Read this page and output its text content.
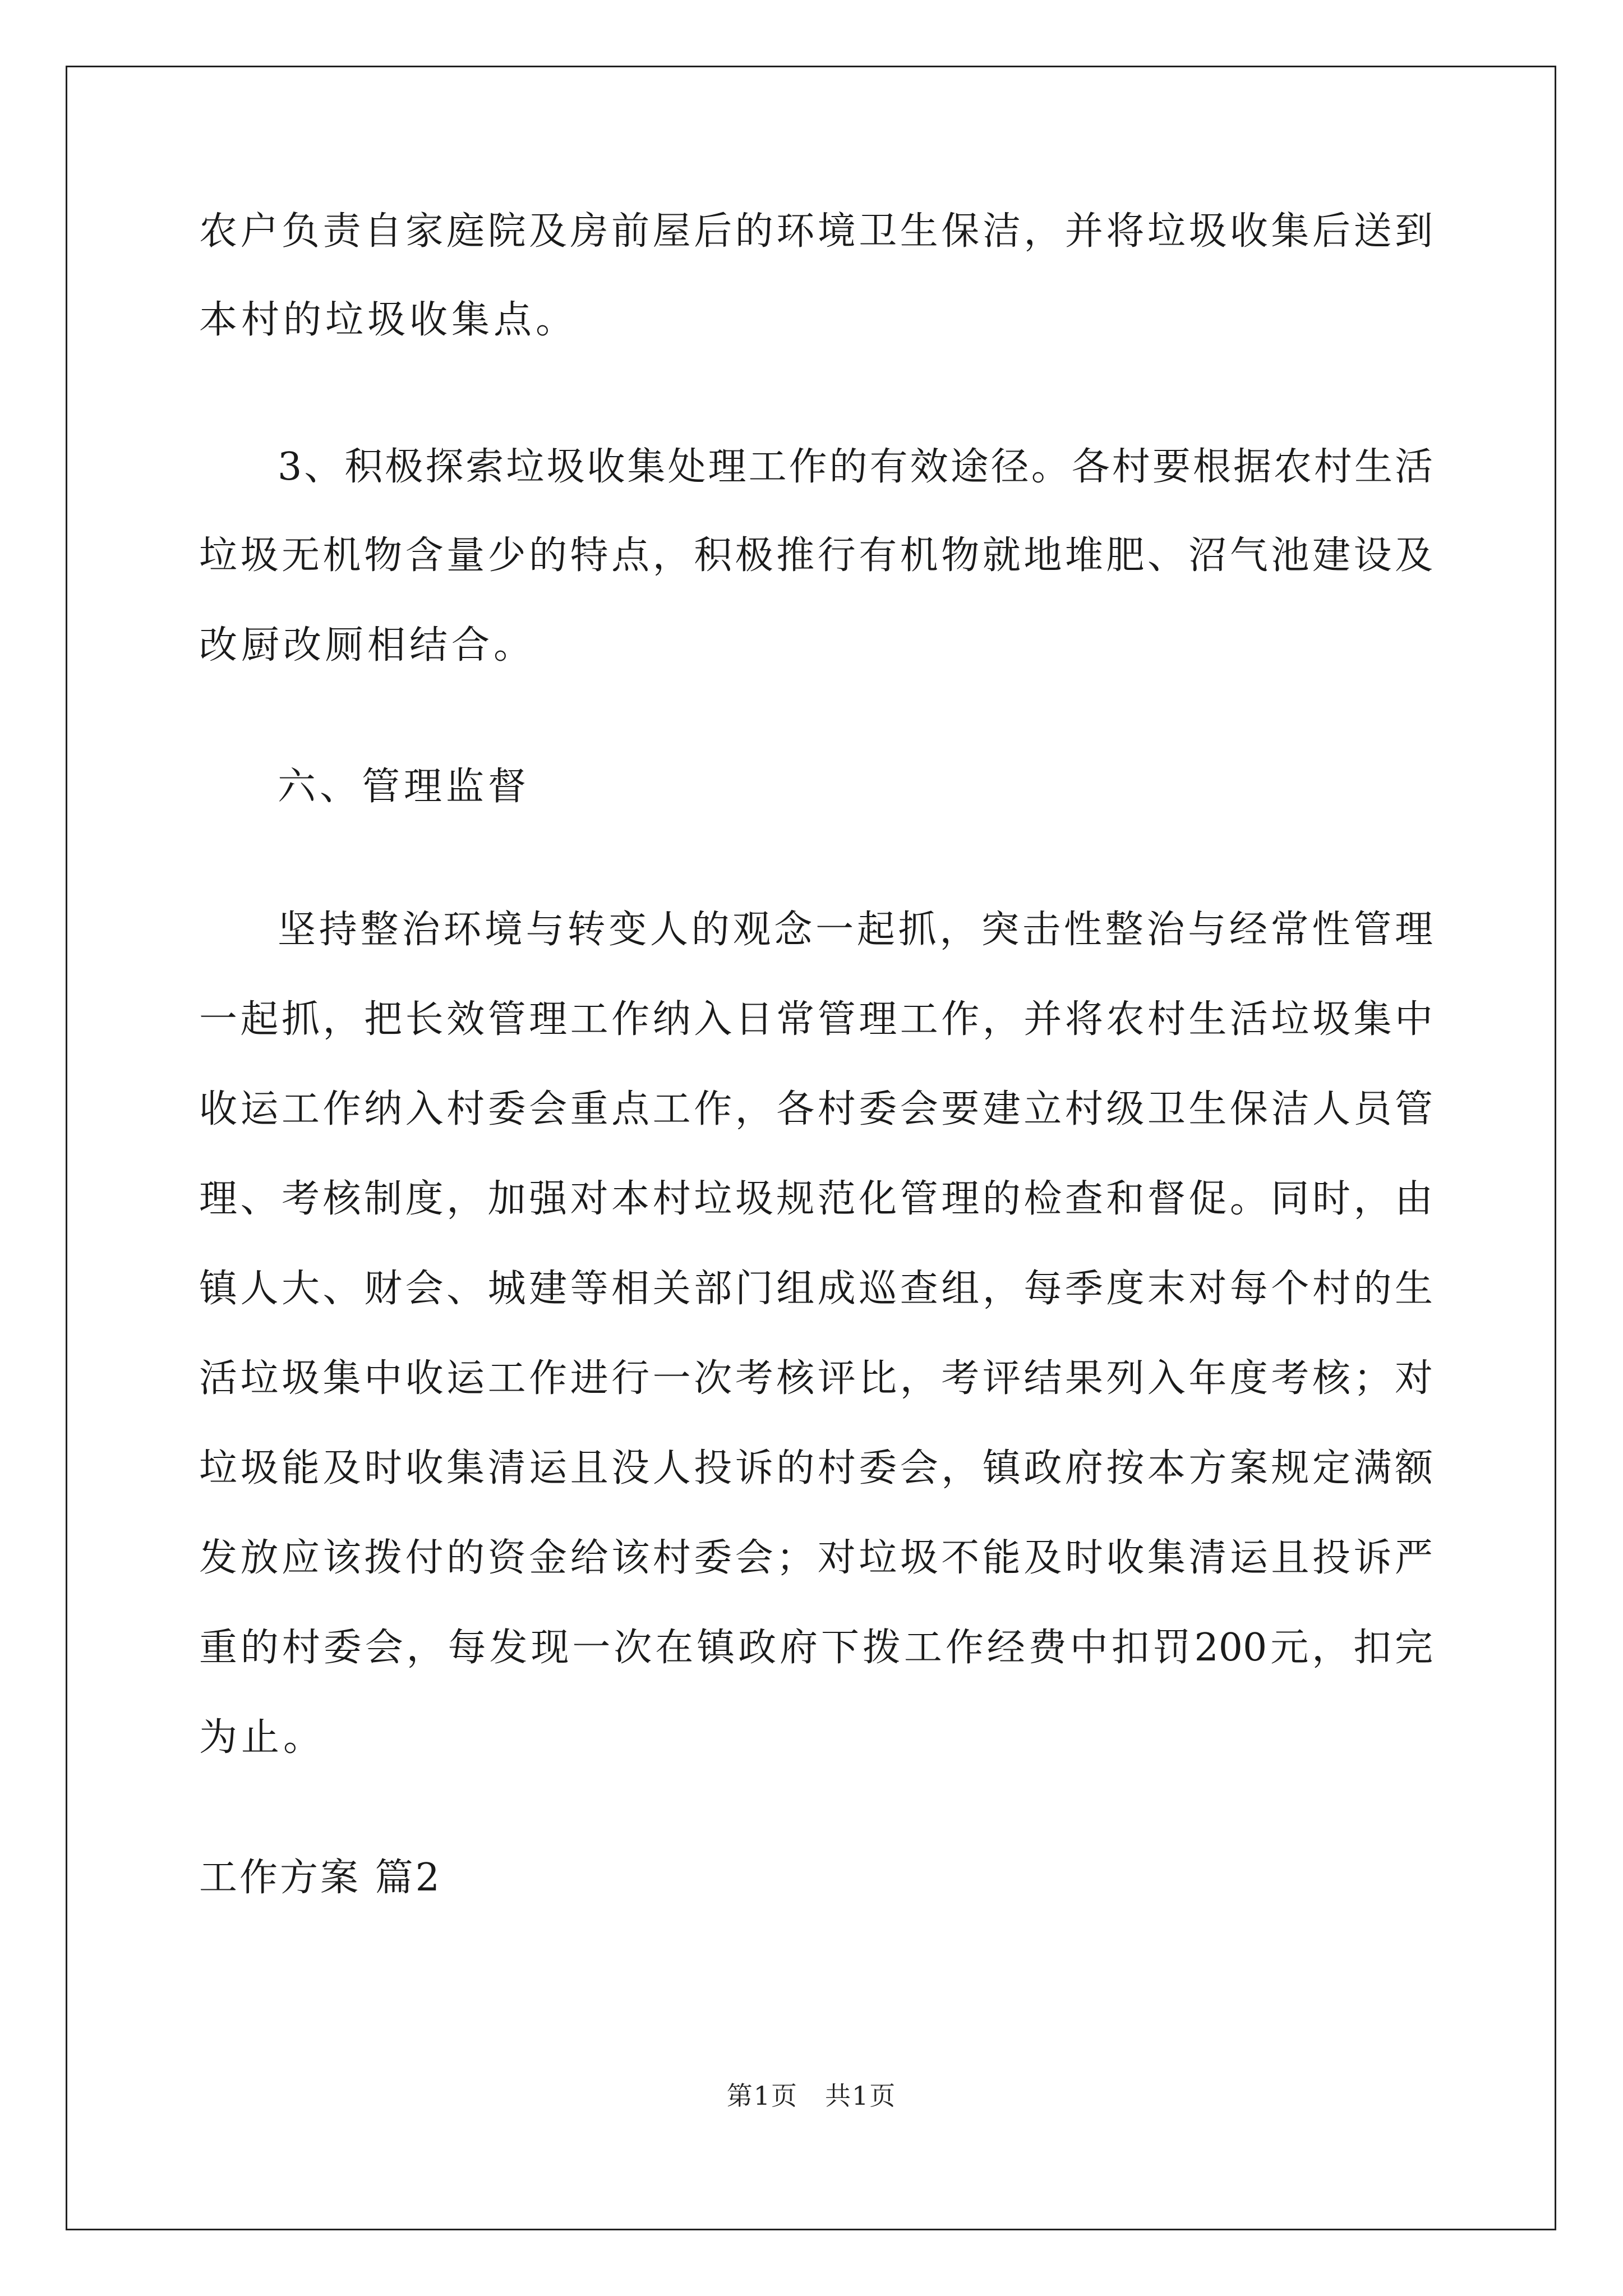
农户负责自家庭院及房前屋后的环境卫生保洁，并将垃圾收集后送到
本村的垃圾收集点。
3、积极探索垃圾收集处理工作的有效途径。各村要根据农村生活
垃圾无机物含量少的特点，积极推行有机物就地堆肥、沼气池建设及
改厨改厕相结合。
六、管理监督
坚持整治环境与转变人的观念一起抓，突击性整治与经常性管理
一起抓，把长效管理工作纳入日常管理工作，并将农村生活垃圾集中
收运工作纳入村委会重点工作，各村委会要建立村级卫生保洁人员管
理、考核制度，加强对本村垃圾规范化管理的检查和督促。同时，由
镇人大、财会、城建等相关部门组成巡查组，每季度末对每个村的生
活垃圾集中收运工作进行一次考核评比，考评结果列入年度考核；对
垃圾能及时收集清运且没人投诉的村委会，镇政府按本方案规定满额
发放应该拨付的资金给该村委会；对垃圾不能及时收集清运且投诉严
重的村委会，每发现一次在镇政府下拨工作经费中扣罚200元，扣完
为止。
工作方案 篇2
第1页　共1页
